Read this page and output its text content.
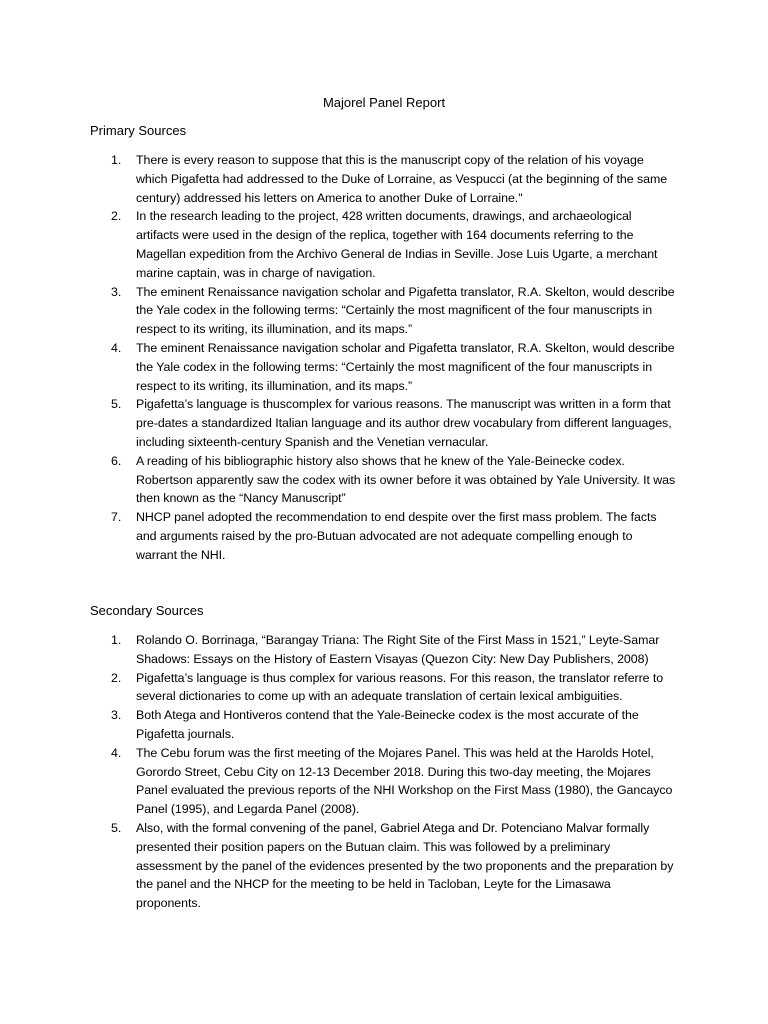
Majorel Panel Report
Primary Sources
1. There is every reason to suppose that this is the manuscript copy of the relation of his voyage which Pigafetta had addressed to the Duke of Lorraine, as Vespucci (at the beginning of the same century) addressed his letters on America to another Duke of Lorraine."
2. In the research leading to the project, 428 written documents, drawings, and archaeological artifacts were used in the design of the replica, together with 164 documents referring to the Magellan expedition from the Archivo General de Indias in Seville. Jose Luis Ugarte, a merchant marine captain, was in charge of navigation.
3. The eminent Renaissance navigation scholar and Pigafetta translator, R.A. Skelton, would describe the Yale codex in the following terms: “Certainly the most magnificent of the four manuscripts in respect to its writing, its illumination, and its maps.”
4. The eminent Renaissance navigation scholar and Pigafetta translator, R.A. Skelton, would describe the Yale codex in the following terms: “Certainly the most magnificent of the four manuscripts in respect to its writing, its illumination, and its maps.”
5. Pigafetta’s language is thuscomplex for various reasons. The manuscript was written in a form that pre-dates a standardized Italian language and its author drew vocabulary from different languages, including sixteenth-century Spanish and the Venetian vernacular.
6. A reading of his bibliographic history also shows that he knew of the Yale-Beinecke codex. Robertson apparently saw the codex with its owner before it was obtained by Yale University. It was then known as the “Nancy Manuscript”
7. NHCP panel adopted the recommendation to end despite over the first mass problem. The facts and arguments raised by the pro-Butuan advocated are not adequate compelling enough to warrant the NHI.
Secondary Sources
1. Rolando O. Borrinaga, “Barangay Triana: The Right Site of the First Mass in 1521,” Leyte-Samar Shadows: Essays on the History of Eastern Visayas (Quezon City: New Day Publishers, 2008)
2. Pigafetta’s language is thus complex for various reasons. For this reason, the translator referre to several dictionaries to come up with an adequate translation of certain lexical ambiguities.
3. Both Atega and Hontiveros contend that the Yale-Beinecke codex is the most accurate of the Pigafetta journals.
4. The Cebu forum was the first meeting of the Mojares Panel. This was held at the Harolds Hotel, Gorordo Street, Cebu City on 12-13 December 2018. During this two-day meeting, the Mojares Panel evaluated the previous reports of the NHI Workshop on the First Mass (1980), the Gancayco Panel (1995), and Legarda Panel (2008).
5. Also, with the formal convening of the panel, Gabriel Atega and Dr. Potenciano Malvar formally presented their position papers on the Butuan claim. This was followed by a preliminary assessment by the panel of the evidences presented by the two proponents and the preparation by the panel and the NHCP for the meeting to be held in Tacloban, Leyte for the Limasawa proponents.
